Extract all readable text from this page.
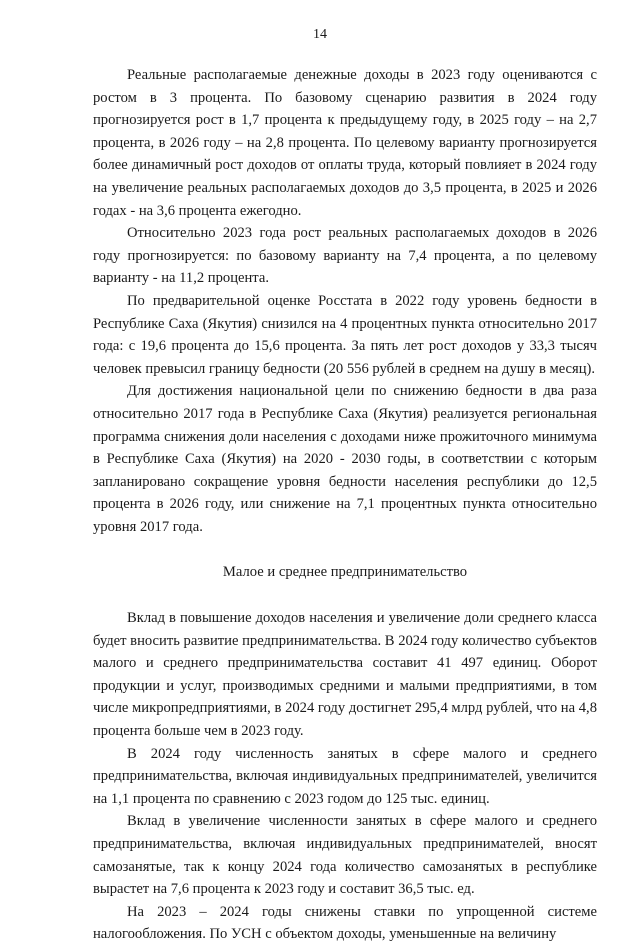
14

Реальные располагаемые денежные доходы в 2023 году оцениваются с ростом в 3 процента. По базовому сценарию развития в 2024 году прогнозируется рост в 1,7 процента к предыдущему году, в 2025 году – на 2,7 процента, в 2026 году – на 2,8 процента. По целевому варианту прогнозируется более динамичный рост доходов от оплаты труда, который повлияет в 2024 году на увеличение реальных располагаемых доходов до 3,5 процента, в 2025 и 2026 годах - на 3,6 процента ежегодно.

Относительно 2023 года рост реальных располагаемых доходов в 2026 году прогнозируется: по базовому варианту на 7,4 процента, а по целевому варианту - на 11,2 процента.

По предварительной оценке Росстата в 2022 году уровень бедности в Республике Саха (Якутия) снизился на 4 процентных пункта относительно 2017 года: с 19,6 процента до 15,6 процента. За пять лет рост доходов у 33,3 тысяч человек превысил границу бедности (20 556 рублей в среднем на душу в месяц).

Для достижения национальной цели по снижению бедности в два раза относительно 2017 года в Республике Саха (Якутия) реализуется региональная программа снижения доли населения с доходами ниже прожиточного минимума в Республике Саха (Якутия) на 2020 - 2030 годы, в соответствии с которым запланировано сокращение уровня бедности населения республики до 12,5 процента в 2026 году, или снижение на 7,1 процентных пункта относительно уровня 2017 года.

Малое и среднее предпринимательство

Вклад в повышение доходов населения и увеличение доли среднего класса будет вносить развитие предпринимательства. В 2024 году количество субъектов малого и среднего предпринимательства составит 41 497 единиц. Оборот продукции и услуг, производимых средними и малыми предприятиями, в том числе микропредприятиями, в 2024 году достигнет 295,4 млрд рублей, что на 4,8 процента больше чем в 2023 году.

В 2024 году численность занятых в сфере малого и среднего предпринимательства, включая индивидуальных предпринимателей, увеличится на 1,1 процента по сравнению с 2023 годом до 125 тыс. единиц.

Вклад в увеличение численности занятых в сфере малого и среднего предпринимательства, включая индивидуальных предпринимателей, вносят самозанятые, так к концу 2024 года количество самозанятых в республике вырастет на 7,6 процента к 2023 году и составит 36,5 тыс. ед.

На 2023 – 2024 годы снижены ставки по упрощенной системе налогообложения. По УСН с объектом доходы, уменьшенные на величину
